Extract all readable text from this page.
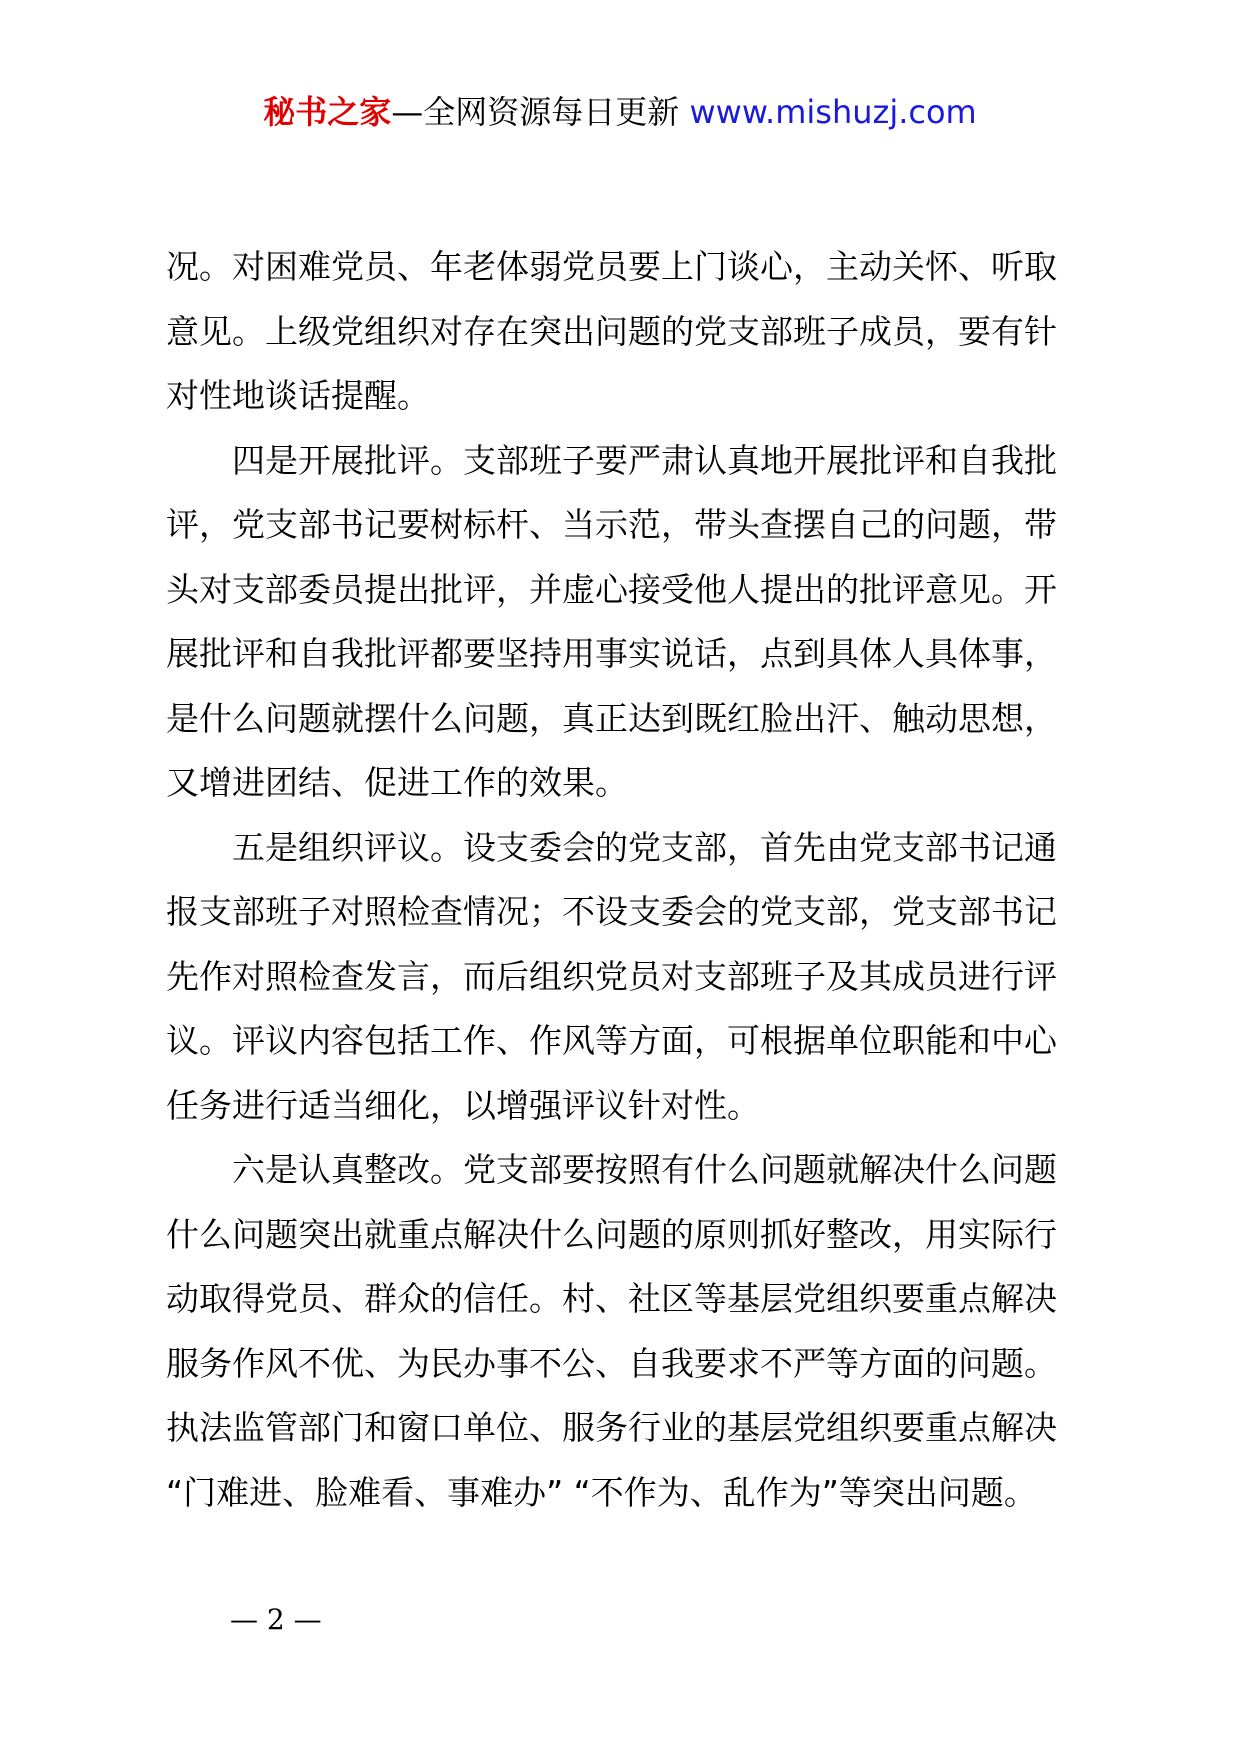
秘书之家—全网资源每日更新 www.mishuzj.com
况。对困难党员、年老体弱党员要上门谈心，主动关怀、听取
意见。上级党组织对存在突出问题的党支部班子成员，要有针
对性地谈话提醒。
四是开展批评。支部班子要严肃认真地开展批评和自我批
评，党支部书记要树标杆、当示范，带头查摆自己的问题，带
头对支部委员提出批评，并虚心接受他人提出的批评意见。开
展批评和自我批评都要坚持用事实说话，点到具体人具体事，
是什么问题就摆什么问题，真正达到既红脸出汗、触动思想，
又增进团结、促进工作的效果。
五是组织评议。设支委会的党支部，首先由党支部书记通
报支部班子对照检查情况；不设支委会的党支部，党支部书记
先作对照检查发言，而后组织党员对支部班子及其成员进行评
议。评议内容包括工作、作风等方面，可根据单位职能和中心
任务进行适当细化，以增强评议针对性。
六是认真整改。党支部要按照有什么问题就解决什么问题
什么问题突出就重点解决什么问题的原则抓好整改，用实际行
动取得党员、群众的信任。村、社区等基层党组织要重点解决
服务作风不优、为民办事不公、自我要求不严等方面的问题。
执法监管部门和窗口单位、服务行业的基层党组织要重点解决
“门难进、脸难看、事难办” “不作为、乱作为”等突出问题。
— 2 —
